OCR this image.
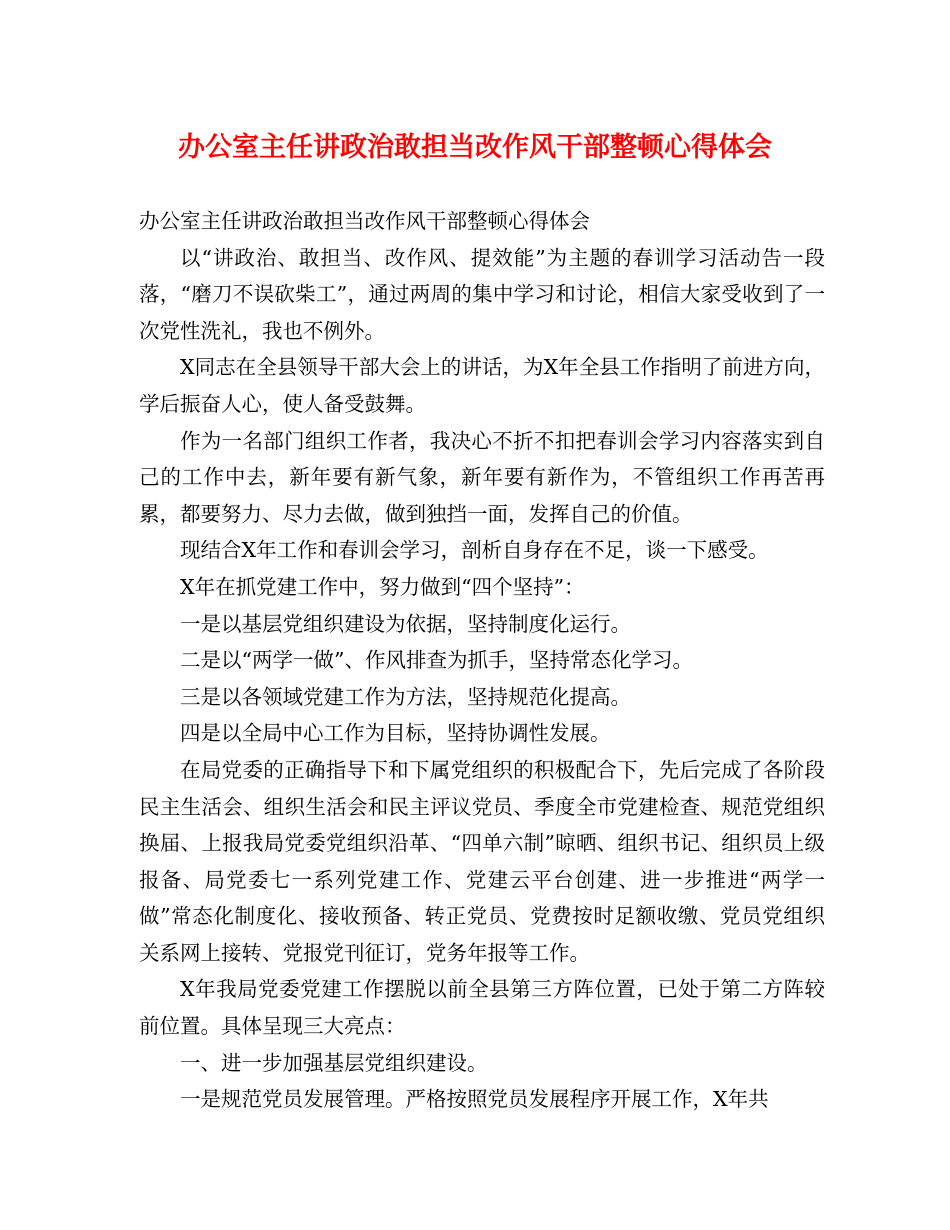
办公室主任讲政治敢担当改作风干部整顿心得体会

办公室主任讲政治敢担当改作风干部整顿心得体会

以“讲政治、敢担当、改作风、提效能”为主题的春训学习活动告一段落，“磨刀不误砍柴工”，通过两周的集中学习和讨论，相信大家受收到了一次党性洗礼，我也不例外。

X同志在全县领导干部大会上的讲话，为X年全县工作指明了前进方向，学后振奋人心，使人备受鼓舞。

作为一名部门组织工作者，我决心不折不扣把春训会学习内容落实到自己的工作中去，新年要有新气象，新年要有新作为，不管组织工作再苦再累，都要努力、尽力去做，做到独挡一面，发挥自己的价值。

现结合X年工作和春训会学习，剖析自身存在不足，谈一下感受。

X年在抓党建工作中，努力做到“四个坚持”：

一是以基层党组织建设为依据，坚持制度化运行。

二是以“两学一做”、作风排查为抓手，坚持常态化学习。

三是以各领域党建工作为方法，坚持规范化提高。

四是以全局中心工作为目标，坚持协调性发展。

在局党委的正确指导下和下属党组织的积极配合下，先后完成了各阶段民主生活会、组织生活会和民主评议党员、季度全市党建检查、规范党组织换届、上报我局党委党组织沿革、“四单六制”晾晒、组织书记、组织员上级报备、局党委七一系列党建工作、党建云平台创建、进一步推进“两学一做”常态化制度化、接收预备、转正党员、党费按时足额收缴、党员党组织关系网上接转、党报党刊征订，党务年报等工作。

X年我局党委党建工作摆脱以前全县第三方阵位置，已处于第二方阵较前位置。具体呈现三大亮点：

一、进一步加强基层党组织建设。

一是规范党员发展管理。严格按照党员发展程序开展工作，X年共
